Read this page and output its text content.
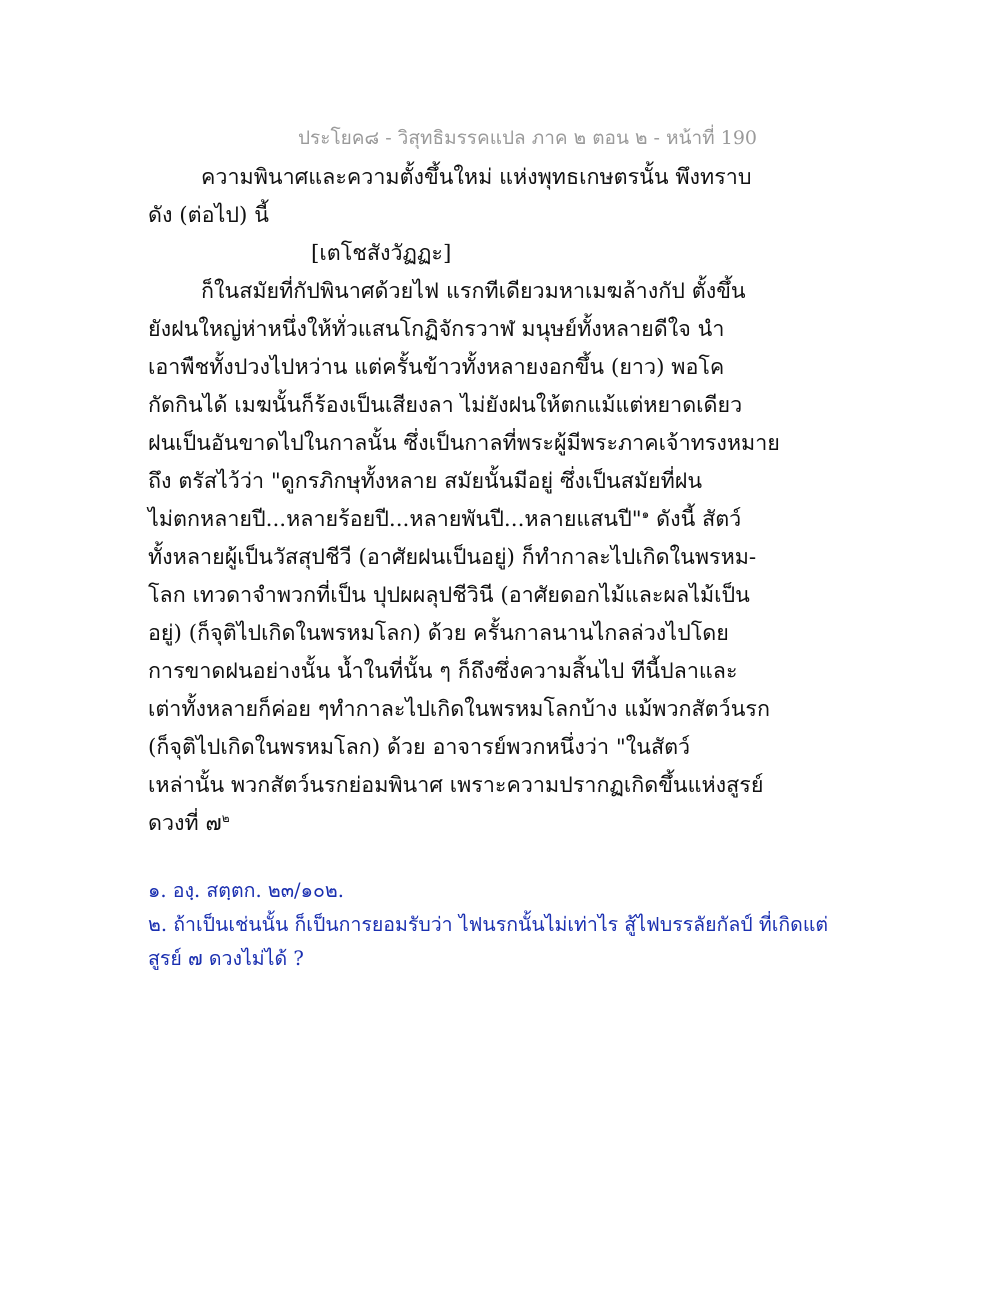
ประโยค๘ - วิสุทธิมรรคแปล ภาค ๒ ตอน ๒ - หน้าที่ 190
ความพินาศและความตั้งขึ้นใหม่ แห่งพุทธเกษตรนั้น พึงทราบ
ดัง (ต่อไป) นี้
[เตโชสังวัฏฏะ]
ก็ในสมัยที่กัปพินาศด้วยไฟ แรกทีเดียวมหาเมฆล้างกัป ตั้งขึ้น
ยังฝนใหญ่ห่าหนึ่งให้ทั่วแสนโกฏิจักรวาฬ มนุษย์ทั้งหลายดีใจ นำ
เอาพืชทั้งปวงไปหว่าน แต่ครั้นข้าวทั้งหลายงอกขึ้น (ยาว) พอโค
กัดกินได้ เมฆนั้นก็ร้องเป็นเสียงลา ไม่ยังฝนให้ตกแม้แต่หยาดเดียว
ฝนเป็นอันขาดไปในกาลนั้น ซึ่งเป็นกาลที่พระผู้มีพระภาคเจ้าทรงหมาย
ถึง ตรัสไว้ว่า "ดูกรภิกษุทั้งหลาย สมัยนั้นมีอยู่ ซึ่งเป็นสมัยที่ฝน
ไม่ตกหลายปี...หลายร้อยปี...หลายพันปี...หลายแสนปี"$^๑$ ดังนี้ สัตว์
ทั้งหลายผู้เป็นวัสสุปชีวี (อาศัยฝนเป็นอยู่) ก็ทำกาละไปเกิดในพรหม-
โลก เทวดาจำพวกที่เป็น ปุปผผลุปชีวินี (อาศัยดอกไม้และผลไม้เป็น
อยู่) (ก็จุติไปเกิดในพรหมโลก) ด้วย ครั้นกาลนานไกลล่วงไปโดย
การขาดฝนอย่างนั้น น้ำในที่นั้น ๆ ก็ถึงซึ่งความสิ้นไป ทีนี้ปลาและ
เต่าทั้งหลายก็ค่อย ๆทำกาละไปเกิดในพรหมโลกบ้าง แม้พวกสัตว์นรก
(ก็จุติไปเกิดในพรหมโลก) ด้วย อาจารย์พวกหนึ่งว่า "ในสัตว์
เหล่านั้น พวกสัตว์นรกย่อมพินาศ เพราะความปรากฏเกิดขึ้นแห่งสูรย์
ดวงที่ ๗$^๒$
๑. องฺ. สตฺตก. ๒๓/๑๐๒.
๒. ถ้าเป็นเช่นนั้น ก็เป็นการยอมรับว่า ไฟนรกนั้นไม่เท่าไร สู้ไฟบรรลัยกัลป์ ที่เกิดแต่
สูรย์ ๗ ดวงไม่ได้ ?
